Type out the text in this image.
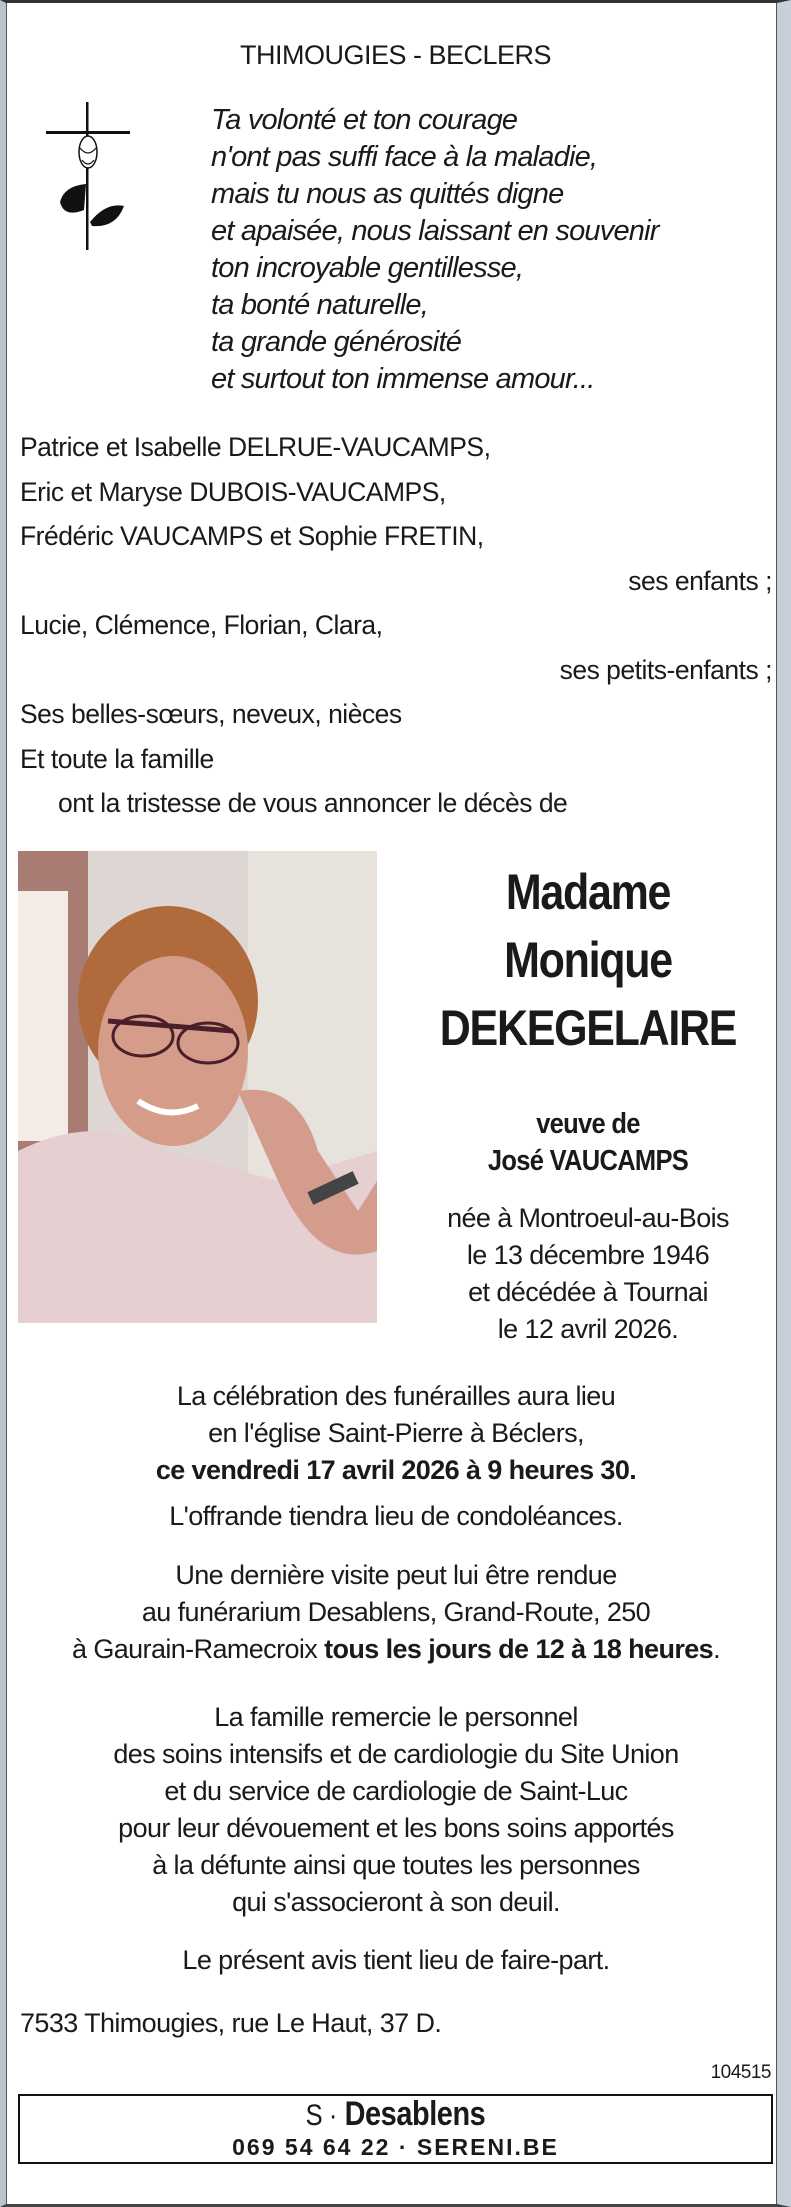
THIMOUGIES - BECLERS
Ta volonté et ton courage
n'ont pas suffi face à la maladie,
mais tu nous as quittés digne
et apaisée, nous laissant en souvenir
ton incroyable gentillesse,
ta bonté naturelle,
ta grande générosité
et surtout ton immense amour...
Patrice et Isabelle DELRUE-VAUCAMPS,
Eric et Maryse DUBOIS-VAUCAMPS,
Frédéric VAUCAMPS et Sophie FRETIN,
ses enfants ;
Lucie, Clémence, Florian, Clara,
ses petits-enfants ;
Ses belles-sœurs, neveux, nièces
Et toute la famille
ont la tristesse de vous annoncer le décès de
Madame
Monique
DEKEGELAIRE
veuve de
José VAUCAMPS
née à Montroeul-au-Bois
le 13 décembre 1946
et décédée à Tournai
le 12 avril 2026.
La célébration des funérailles aura lieu
en l'église Saint-Pierre à Béclers,
ce vendredi 17 avril 2026 à 9 heures 30.
L'offrande tiendra lieu de condoléances.
Une dernière visite peut lui être rendue
au funérarium Desablens, Grand-Route, 250
à Gaurain-Ramecroix tous les jours de 12 à 18 heures.
La famille remercie le personnel
des soins intensifs et de cardiologie du Site Union
et du service de cardiologie de Saint-Luc
pour leur dévouement et les bons soins apportés
à la défunte ainsi que toutes les personnes
qui s'associeront à son deuil.
Le présent avis tient lieu de faire-part.
7533 Thimougies, rue Le Haut, 37 D.
104515
S · Desablens
069 54 64 22 · SERENI.BE
